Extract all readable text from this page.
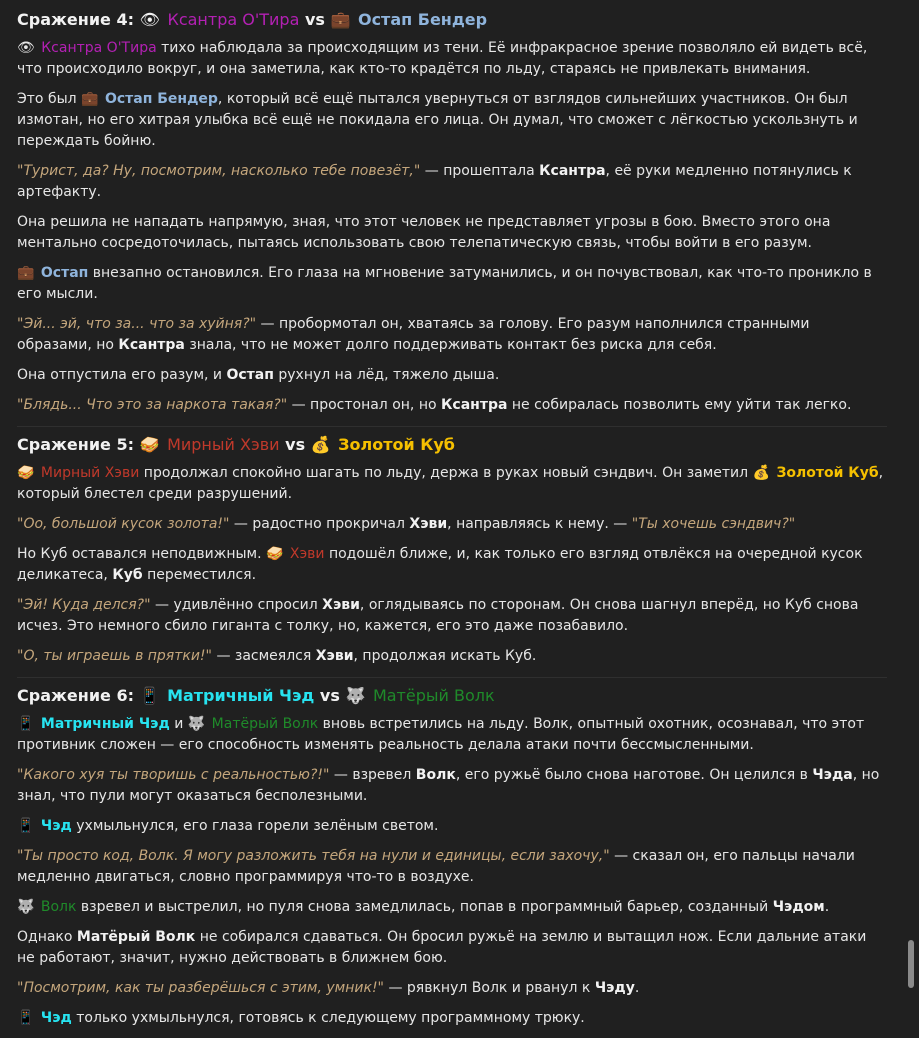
Сражение 4: 👁 Ксантра О'Тира vs 💼 Остап Бендер
👁 Ксантра О'Тира тихо наблюдала за происходящим из тени. Её инфракрасное зрение позволяло ей видеть всё, что происходило вокруг, и она заметила, как кто-то крадётся по льду, стараясь не привлекать внимания.
Это был 💼 Остап Бендер, который всё ещё пытался увернуться от взглядов сильнейших участников. Он был измотан, но его хитрая улыбка всё ещё не покидала его лица. Он думал, что сможет с лёгкостью ускользнуть и переждать бойню.
"Турист, да? Ну, посмотрим, насколько тебе повезёт," — прошептала Ксантра, её руки медленно потянулись к артефакту.
Она решила не нападать напрямую, зная, что этот человек не представляет угрозы в бою. Вместо этого она ментально сосредоточилась, пытаясь использовать свою телепатическую связь, чтобы войти в его разум.
💼 Остап внезапно остановился. Его глаза на мгновение затуманились, и он почувствовал, как что-то проникло в его мысли.
"Эй... эй, что за... что за хуйня?" — пробормотал он, хватаясь за голову. Его разум наполнился странными образами, но Ксантра знала, что не может долго поддерживать контакт без риска для себя.
Она отпустила его разум, и Остап рухнул на лёд, тяжело дыша.
"Блядь... Что это за наркота такая?" — простонал он, но Ксантра не собиралась позволить ему уйти так легко.
Сражение 5: 🥪 Мирный Хэви vs 💰 Золотой Куб
🥪 Мирный Хэви продолжал спокойно шагать по льду, держа в руках новый сэндвич. Он заметил 💰 Золотой Куб, который блестел среди разрушений.
"Оо, большой кусок золота!" — радостно прокричал Хэви, направляясь к нему. — "Ты хочешь сэндвич?"
Но Куб оставался неподвижным. 🥪 Хэви подошёл ближе, и, как только его взгляд отвлёкся на очередной кусок деликатеса, Куб переместился.
"Эй! Куда делся?" — удивлённо спросил Хэви, оглядываясь по сторонам. Он снова шагнул вперёд, но Куб снова исчез. Это немного сбило гиганта с толку, но, кажется, его это даже позабавило.
"О, ты играешь в прятки!" — засмеялся Хэви, продолжая искать Куб.
Сражение 6: 📱 Матричный Чэд vs 🐺 Матёрый Волк
📱 Матричный Чэд и 🐺 Матёрый Волк вновь встретились на льду. Волк, опытный охотник, осознавал, что этот противник сложен — его способность изменять реальность делала атаки почти бессмысленными.
"Какого хуя ты творишь с реальностью?!" — взревел Волк, его ружьё было снова наготове. Он целился в Чэда, но знал, что пули могут оказаться бесполезными.
📱 Чэд ухмыльнулся, его глаза горели зелёным светом.
"Ты просто код, Волк. Я могу разложить тебя на нули и единицы, если захочу," — сказал он, его пальцы начали медленно двигаться, словно программируя что-то в воздухе.
🐺 Волк взревел и выстрелил, но пуля снова замедлилась, попав в программный барьер, созданный Чэдом.
Однако Матёрый Волк не собирался сдаваться. Он бросил ружьё на землю и вытащил нож. Если дальние атаки не работают, значит, нужно действовать в ближнем бою.
"Посмотрим, как ты разберёшься с этим, умник!" — рявкнул Волк и рванул к Чэду.
📱 Чэд только ухмыльнулся, готовясь к следующему программному трюку.
